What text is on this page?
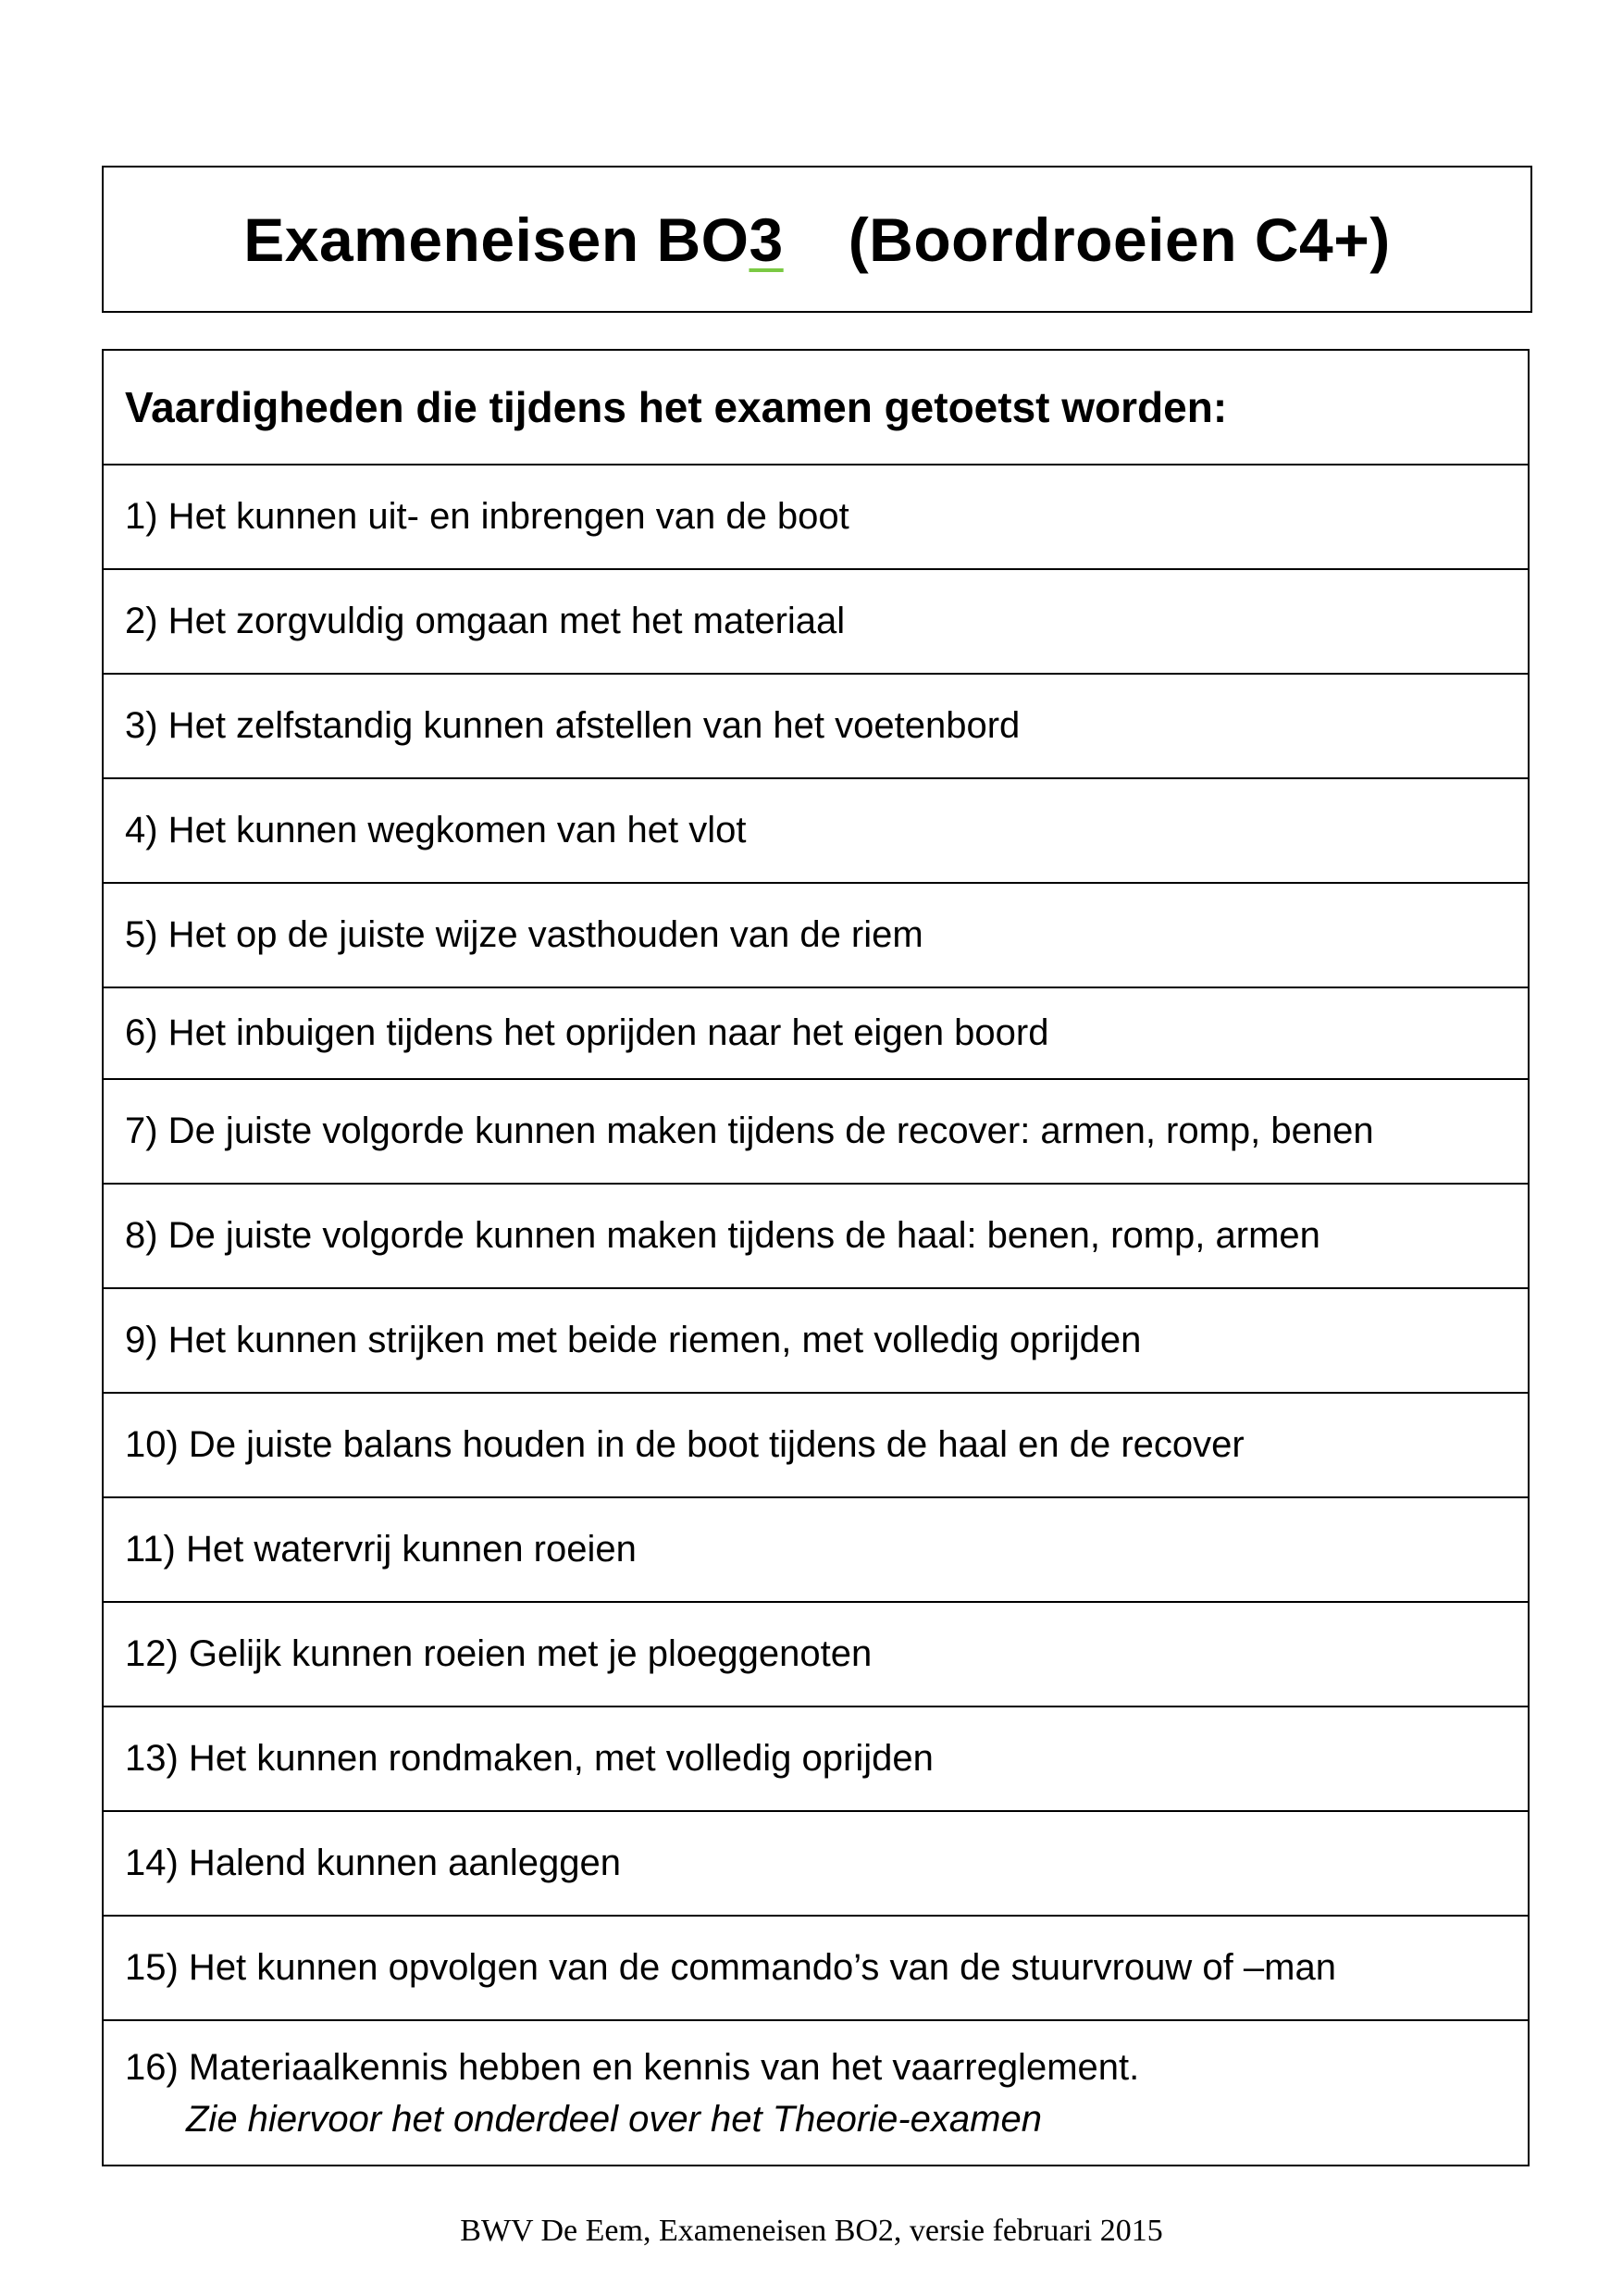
Exameneisen BO3 (Boordroeien C4+)
Vaardigheden die tijdens het examen getoetst worden:
1) Het kunnen uit- en inbrengen van de boot
2) Het zorgvuldig omgaan met het materiaal
3) Het zelfstandig kunnen afstellen van het voetenbord
4) Het kunnen wegkomen van het vlot
5) Het op de juiste wijze vasthouden van de riem
6) Het inbuigen tijdens het oprijden naar het eigen boord
7) De juiste volgorde kunnen maken tijdens de recover: armen, romp, benen
8) De juiste volgorde kunnen maken tijdens de haal: benen, romp, armen
9) Het kunnen strijken met beide riemen, met volledig oprijden
10) De juiste balans houden in de boot tijdens de haal en de recover
11) Het watervrij kunnen roeien
12) Gelijk kunnen roeien met je ploeggenoten
13) Het kunnen rondmaken, met volledig oprijden
14) Halend kunnen aanleggen
15) Het kunnen opvolgen van de commando’s van de stuurvrouw of –man
16) Materiaalkennis hebben en kennis van het vaarreglement.
Zie hiervoor het onderdeel over het Theorie-examen
BWV De Eem, Exameneisen BO2, versie februari 2015
